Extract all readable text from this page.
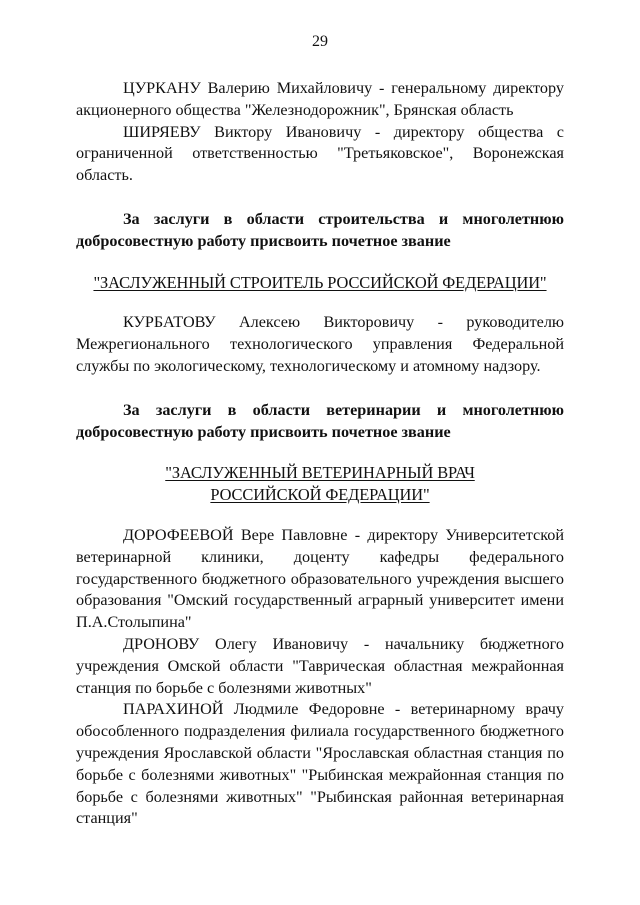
29

ЦУРКАНУ Валерию Михайловичу - генеральному директору акционерного общества "Железнодорожник", Брянская область

ШИРЯЕВУ Виктору Ивановичу - директору общества с ограниченной ответственностью "Третьяковское", Воронежская область.

За заслуги в области строительства и многолетнюю добросовестную работу присвоить почетное звание

"ЗАСЛУЖЕННЫЙ СТРОИТЕЛЬ РОССИЙСКОЙ ФЕДЕРАЦИИ"

КУРБАТОВУ Алексею Викторовичу - руководителю Межрегионального технологического управления Федеральной службы по экологическому, технологическому и атомному надзору.

За заслуги в области ветеринарии и многолетнюю добросовестную работу присвоить почетное звание

"ЗАСЛУЖЕННЫЙ ВЕТЕРИНАРНЫЙ ВРАЧ

РОССИЙСКОЙ ФЕДЕРАЦИИ"

ДОРОФЕЕВОЙ Вере Павловне - директору Университетской ветеринарной клиники, доценту кафедры федерального государственного бюджетного образовательного учреждения высшего образования "Омский государственный аграрный университет имени П.А.Столыпина"

ДРОНОВУ Олегу Ивановичу - начальнику бюджетного учреждения Омской области "Таврическая областная межрайонная станция по борьбе с болезнями животных"

ПАРАХИНОЙ Людмиле Федоровне - ветеринарному врачу обособленного подразделения филиала государственного бюджетного учреждения Ярославской области "Ярославская областная станция по борьбе с болезнями животных" "Рыбинская межрайонная станция по борьбе с болезнями животных" "Рыбинская районная ветеринарная станция"
